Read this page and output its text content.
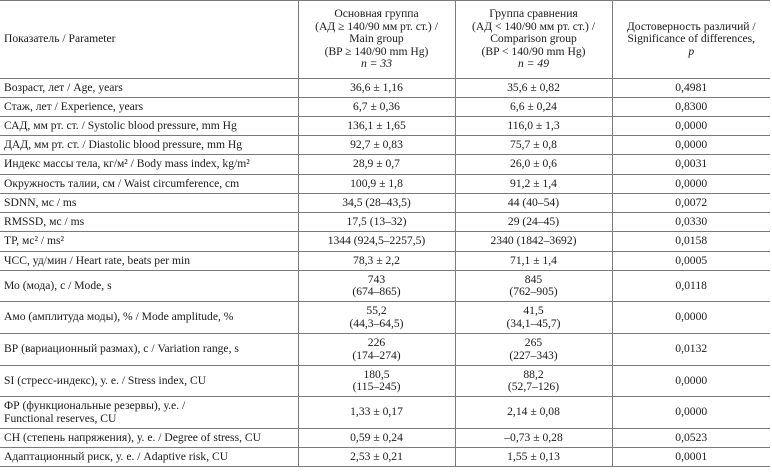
Показатель / Parameter	Основная группа
(АД ≥ 140/90 мм рт. ст.) /
Main group
(BP ≥ 140/90 mm Hg)
n = 33	Группа сравнения
(АД < 140/90 мм рт. ст.) /
Comparison group
(BP < 140/90 mm Hg)
n = 49	Достоверность различий /
Significance of differences,
p

Возраст, лет / Age, years	36,6 ± 1,16	35,6 ± 0,82	0,4981
Стаж, лет / Experience, years	6,7 ± 0,36	6,6 ± 0,24	0,8300
САД, мм рт. ст. / Systolic blood pressure, mm Hg	136,1 ± 1,65	116,0 ± 1,3	0,0000
ДАД, мм рт. ст. / Diastolic blood pressure, mm Hg	92,7 ± 0,83	75,7 ± 0,8	0,0000
Индекс массы тела, кг/м² / Body mass index, kg/m²	28,9 ± 0,7	26,0 ± 0,6	0,0031
Окружность талии, см / Waist circumference, cm	100,9 ± 1,8	91,2 ± 1,4	0,0000
SDNN, мс / ms	34,5 (28–43,5)	44 (40–54)	0,0072
RMSSD, мс / ms	17,5 (13–32)	29 (24–45)	0,0330
TP, мс² / ms²	1344 (924,5–2257,5)	2340 (1842–3692)	0,0158
ЧСС, уд/мин / Heart rate, beats per min	78,3 ± 2,2	71,1 ± 1,4	0,0005
Мо (мода), с / Mode, s	743
(674–865)	845
(762–905)	0,0118
Амо (амплитуда моды), % / Mode amplitude, %	55,2
(44,3–64,5)	41,5
(34,1–45,7)	0,0000
ВР (вариационный размах), с / Variation range, s	226
(174–274)	265
(227–343)	0,0132
SI (стресс-индекс), у. е. / Stress index, CU	180,5
(115–245)	88,2
(52,7–126)	0,0000

ФР (функциональные резервы), у.е. /
Functional reserves, CU	1,33 ± 0,17	2,14 ± 0,08	0,0000
СН (степень напряжения), у. е. / Degree of stress, CU	0,59 ± 0,24	–0,73 ± 0,28	0,0523
Адаптационный риск, у. е. / Adaptive risk, CU	2,53 ± 0,21	1,55 ± 0,13	0,0001
